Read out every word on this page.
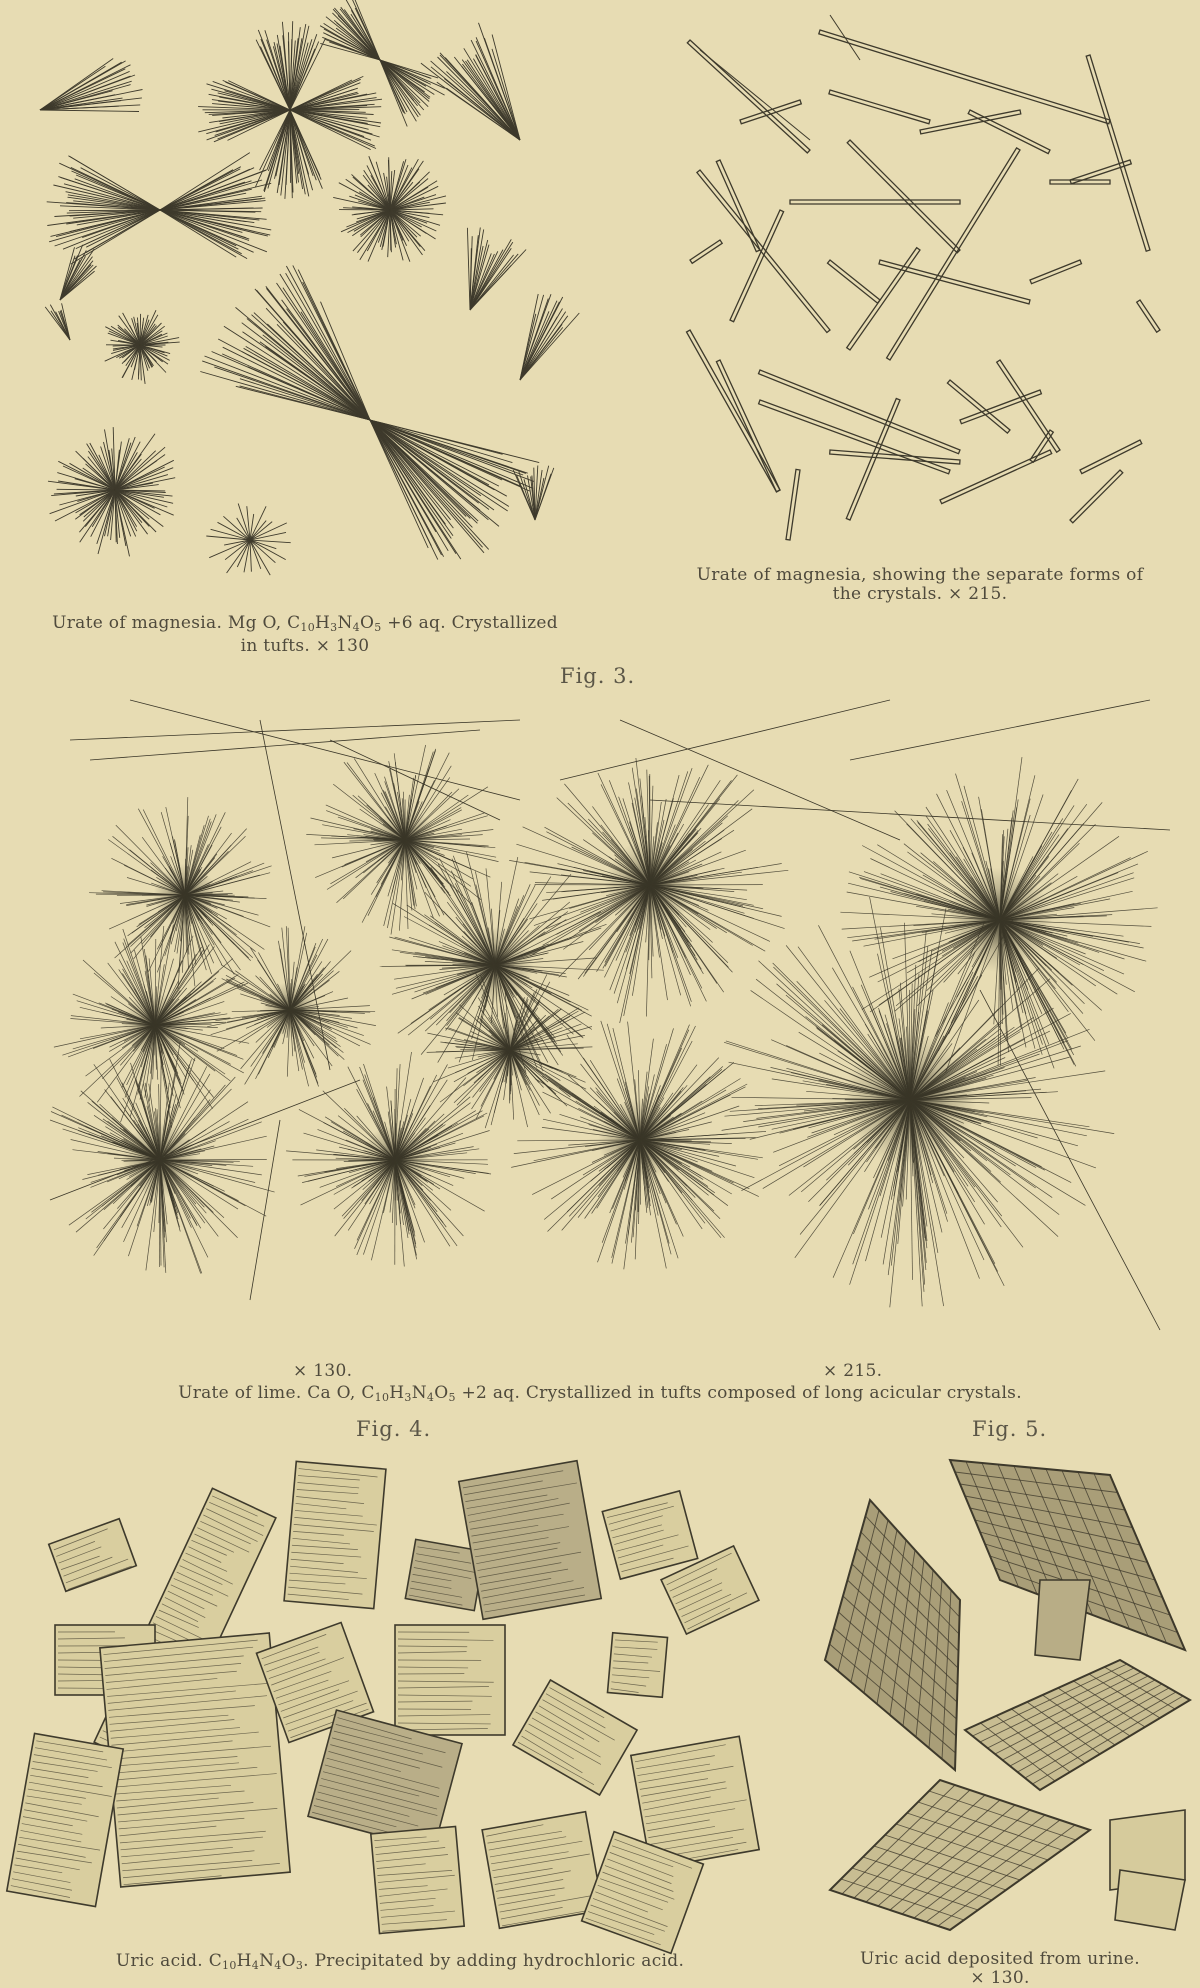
Urate of magnesia. Mg O, $C_{10}H_3N_4O_5 +6$ aq. Crystallized
in tufts. × 130
Urate of magnesia, showing the separate forms of
the crystals. × 215.
Fig. 3.
× 130.	× 215.
Urate of lime. Ca O, $C_{10}H_3N_4O_5 +2$ aq. Crystallized in tufts composed of long acicular crystals.
Fig. 4.	Fig. 5.
Uric acid. $C_{10}H_4N_4O_3$. Precipitated by adding hydrochloric acid.	Uric acid deposited from urine.
× 130.
